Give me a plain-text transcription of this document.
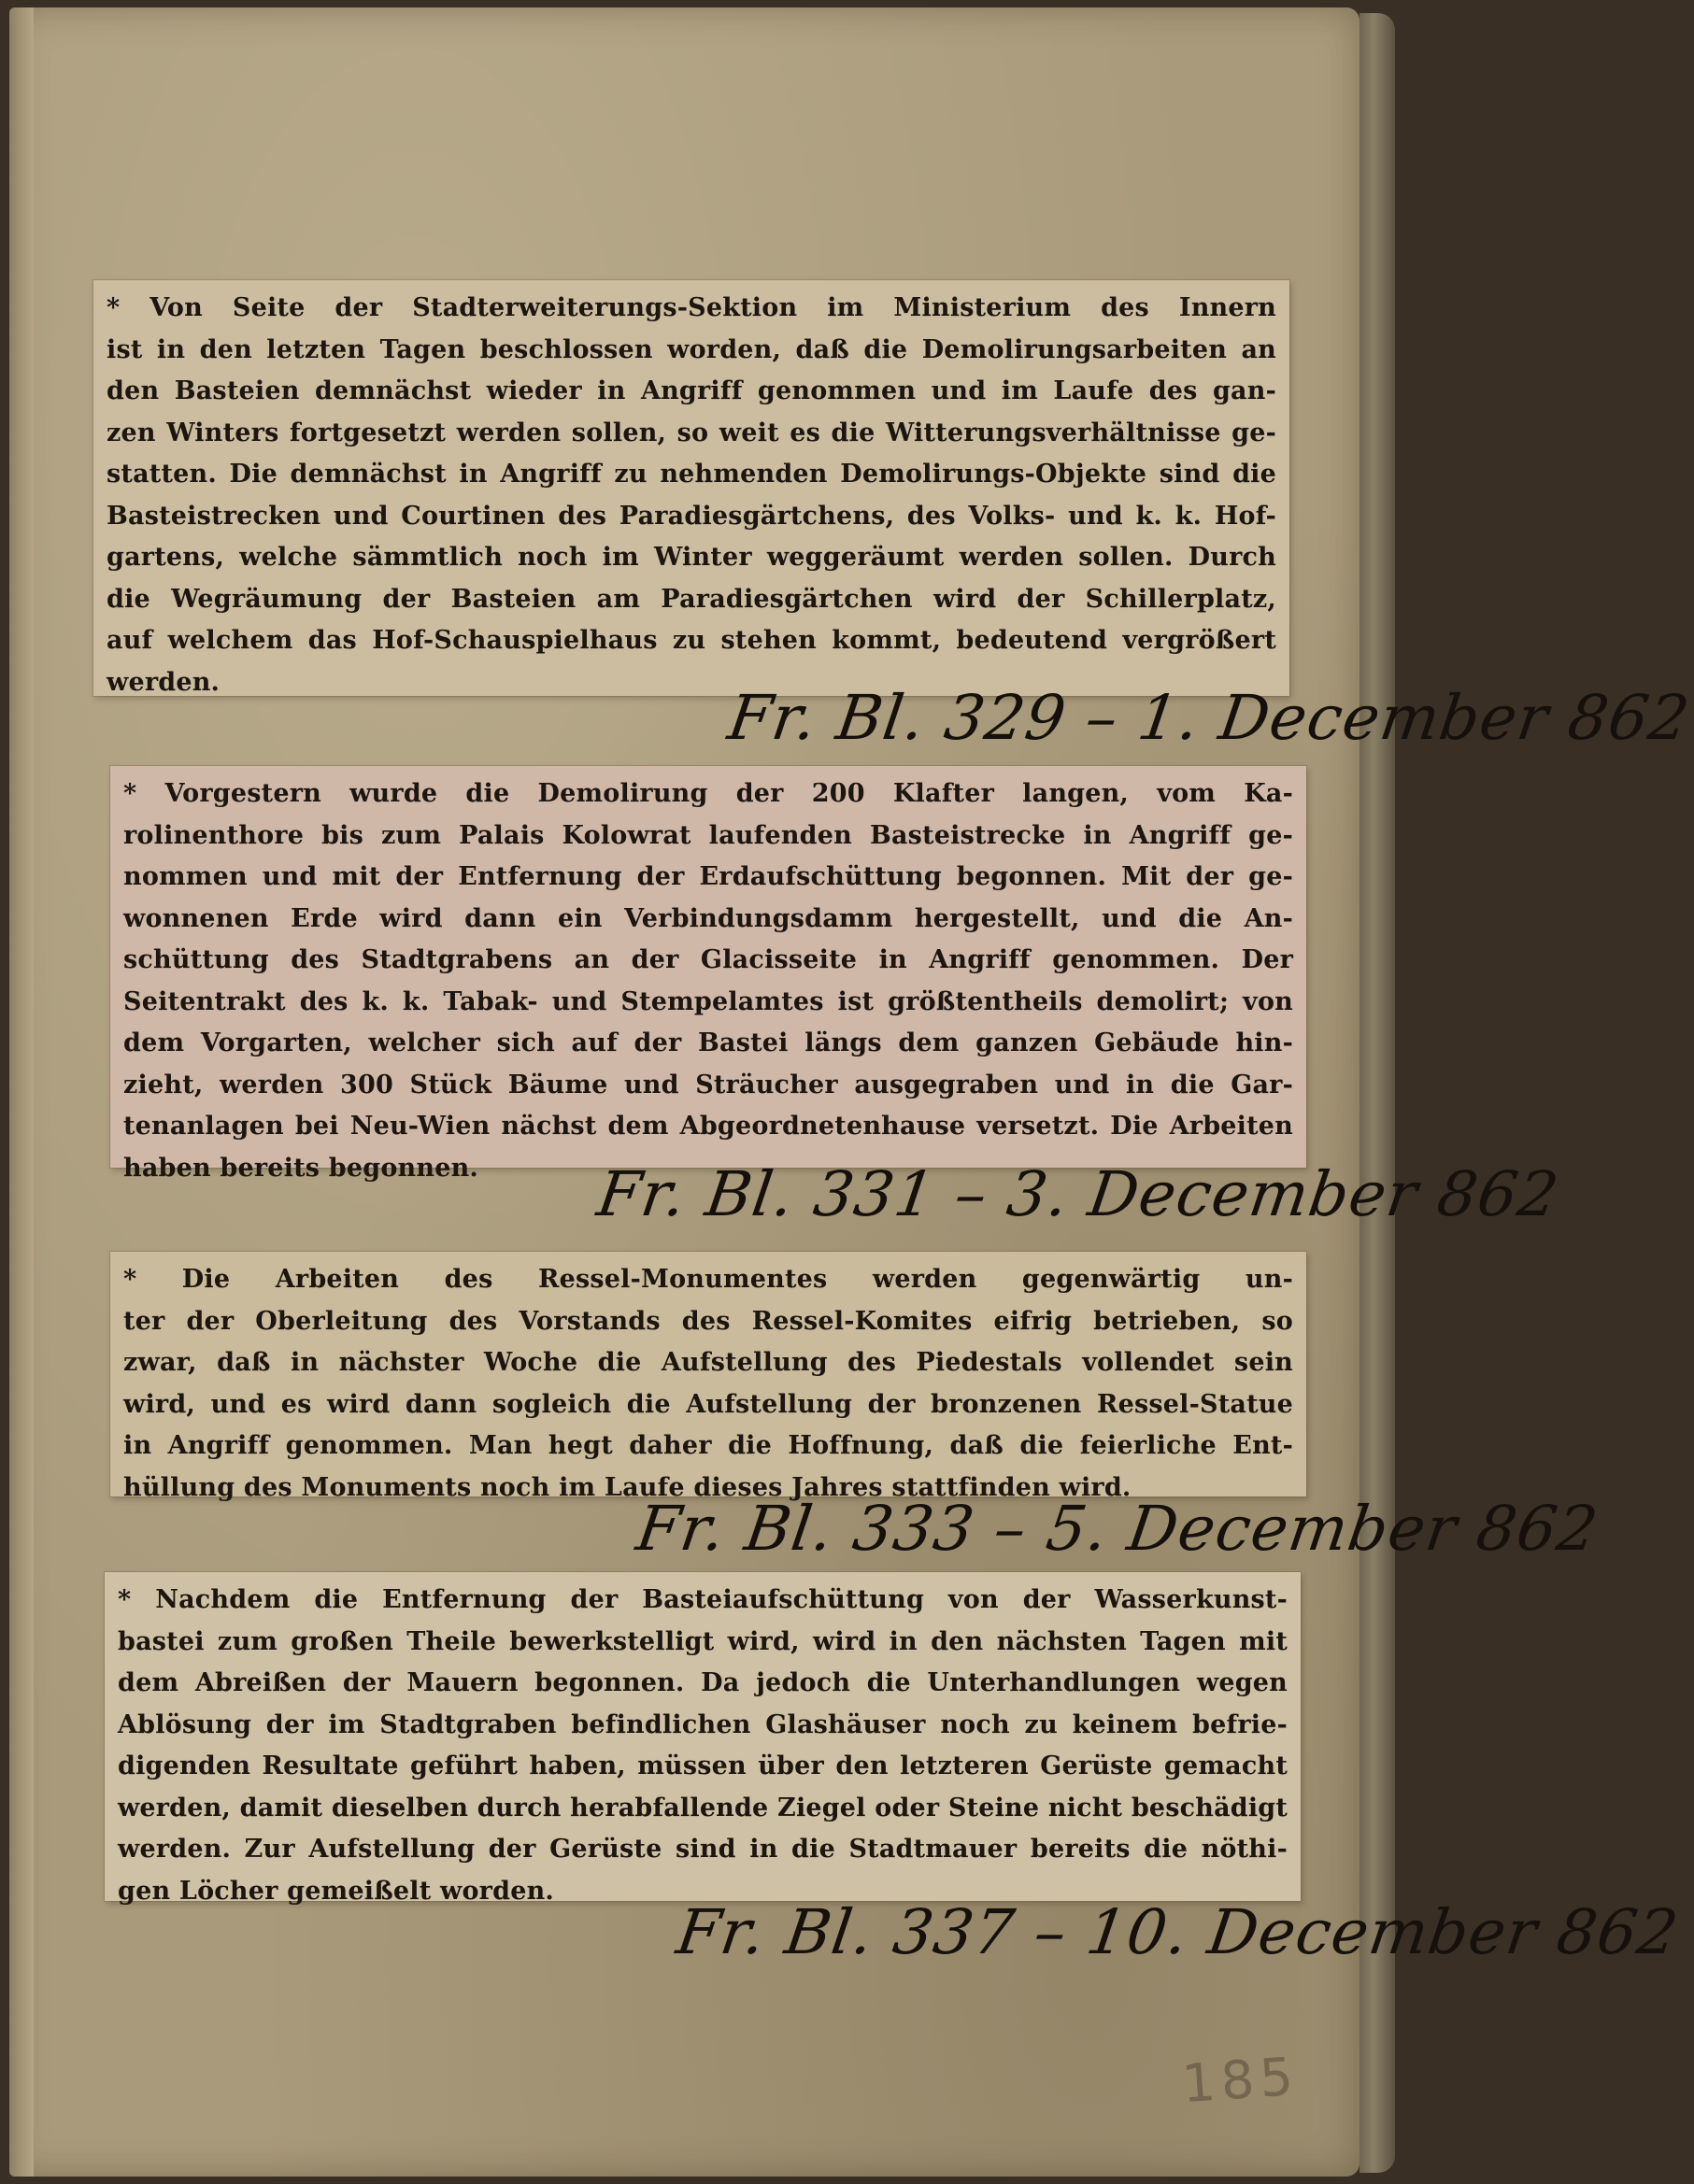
* Von Seite der Stadterweiterungs-Sektion im Ministerium des Innern
ist in den letzten Tagen beschlossen worden, daß die Demolirungsarbeiten an
den Basteien demnächst wieder in Angriff genommen und im Laufe des gan-
zen Winters fortgesetzt werden sollen, so weit es die Witterungsverhältnisse ge-
statten. Die demnächst in Angriff zu nehmenden Demolirungs-Objekte sind die
Basteistrecken und Courtinen des Paradiesgärtchens, des Volks- und k. k. Hof-
gartens, welche sämmtlich noch im Winter weggeräumt werden sollen. Durch
die Wegräumung der Basteien am Paradiesgärtchen wird der Schillerplatz,
auf welchem das Hof-Schauspielhaus zu stehen kommt, bedeutend vergrößert
werden.	Fr. Bl. 329 – 1. December 862
* Vorgestern wurde die Demolirung der 200 Klafter langen, vom Ka-
rolinenthore bis zum Palais Kolowrat laufenden Basteistrecke in Angriff ge-
nommen und mit der Entfernung der Erdaufschüttung begonnen. Mit der ge-
wonnenen Erde wird dann ein Verbindungsdamm hergestellt, und die An-
schüttung des Stadtgrabens an der Glacisseite in Angriff genommen. Der
Seitentrakt des k. k. Tabak- und Stempelamtes ist größtentheils demolirt; von
dem Vorgarten, welcher sich auf der Bastei längs dem ganzen Gebäude hin-
zieht, werden 300 Stück Bäume und Sträucher ausgegraben und in die Gar-
tenanlagen bei Neu-Wien nächst dem Abgeordnetenhause versetzt. Die Arbeiten
haben bereits begonnen.	Fr. Bl. 331 – 3. December 862
* Die Arbeiten des Ressel-Monumentes werden gegenwärtig un-
ter der Oberleitung des Vorstands des Ressel-Komites eifrig betrieben, so
zwar, daß in nächster Woche die Aufstellung des Piedestals vollendet sein
wird, und es wird dann sogleich die Aufstellung der bronzenen Ressel-Statue
in Angriff genommen. Man hegt daher die Hoffnung, daß die feierliche Ent-
hüllung des Monuments noch im Laufe dieses Jahres stattfinden wird.
Fr. Bl. 333 – 5. December 862
* Nachdem die Entfernung der Basteiaufschüttung von der Wasserkunst-
bastei zum großen Theile bewerkstelligt wird, wird in den nächsten Tagen mit
dem Abreißen der Mauern begonnen. Da jedoch die Unterhandlungen wegen
Ablösung der im Stadtgraben befindlichen Glashäuser noch zu keinem befrie-
digenden Resultate geführt haben, müssen über den letzteren Gerüste gemacht
werden, damit dieselben durch herabfallende Ziegel oder Steine nicht beschädigt
werden. Zur Aufstellung der Gerüste sind in die Stadtmauer bereits die nöthi-
gen Löcher gemeißelt worden.
Fr. Bl. 337 – 10. December 862
185
